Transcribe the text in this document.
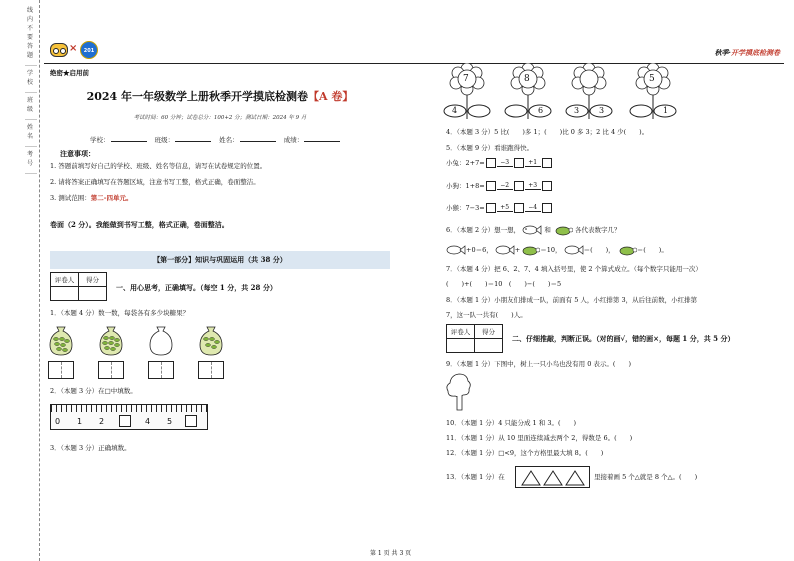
线 内 不 要 答 题 …… 学校 …… 班级 …… 姓名 …… 考号 ……
×	201	秋季·开学摸底检测卷
绝密★启用前
2024 年一年级数学上册秋季开学摸底检测卷【A 卷】
考试时间：60 分钟；试卷总分：100+2 分；测试日期：2024 年 9 月
学校：	班级：	姓名：	成绩：
注意事项：
1. 答题前填写好自己的学校、班级、姓名等信息，请写在试卷规定的位置。
2. 请将答案正确填写在答题区域，注意书写工整，格式正确，卷面整洁。
3. 测试范围：第二-四单元。
卷面（2 分）。我能做到书写工整，格式正确，卷面整洁。
【第一部分】知识与巩固运用（共 38 分）
评卷人	得分

一、用心思考，正确填写。（每空 1 分，共 28 分）
1．（本题 4 分）数一数，每袋各有多少块糖果？
2．（本题 3 分）在□中填数。
0 1 2	4 5
3．（本题 3 分）正确填数。
7
4
8
6	3 3
5
1
4．（本题 3 分）5 比(　　)多 1；(　　)比 0 多 3；2 比 4 少(　　)。
5．（本题 9 分）看谁跑得快。
小兔：2+7=	−3	+1
小狗：1+8=	−2	+3
小猴：7−3=	+5	−4
6．（本题 2 分）想一想，	和	各代表数字几？
+0＝6，	+	＝10，	＝(　　)，	＝(　　)。
7．（本题 4 分）把 6、2、7、4 填入括号里，使 2 个算式成立。（每个数字只能用一次）
(　　)+(　　)＝10　(　　)−(　　)＝5
8．（本题 1 分）小朋友们排成一队，前面有 5 人，小红排第 3，从后往前数，小红排第
7，这一队一共有(　　)人。
评卷人	得分

二、仔细推敲，判断正误。（对的画√，错的画×，每题 1 分，共 5 分）
9．（本题 1 分）下图中，树上一只小鸟也没有用 0 表示。(　　)
10．（本题 1 分）4 只能分成 1 和 3。(　　)
11．（本题 1 分）从 10 里面连续减去两个 2，得数是 6。(　　)
12．（本题 1 分）□<9，这个方格里最大填 8。(　　)
13．（本题 1 分）在	里接着画 5 个△就是 8 个△。(　　)
第 1 页 共 3 页
